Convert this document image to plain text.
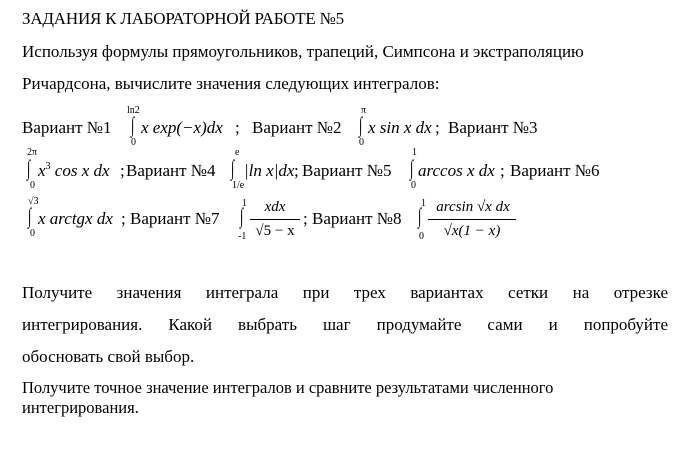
ЗАДАНИЯ К ЛАБОРАТОРНОЙ РАБОТЕ №5
Используя формулы прямоугольников, трапеций, Симпсона и экстраполяцию
Ричардсона, вычислите значения следующих интегралов:
Вариант №1
ln2
∫
0
x exp(−x)dx ; Вариант №2
π
∫
0
x sin x dx ; Вариант №3
2π
∫
0
$x^3$ cos x dx ; Вариант №4
e
∫
1/e
|ln x|dx ; Вариант №5
1
∫
0
arccos x dx ; Вариант №6
√3
∫
0
x arctgx dx ; Вариант №7
1
∫
-1
xdx
√5 − x
; Вариант №8
1
∫
0
arcsin √x dx
√x(1 − x)
Получите значения интеграла при трех вариантах сетки на отрезке
интегрирования. Какой выбрать шаг продумайте сами и попробуйте
обосновать свой выбор.
Получите точное значение интегралов и сравните результатами численного
интегрирования.
